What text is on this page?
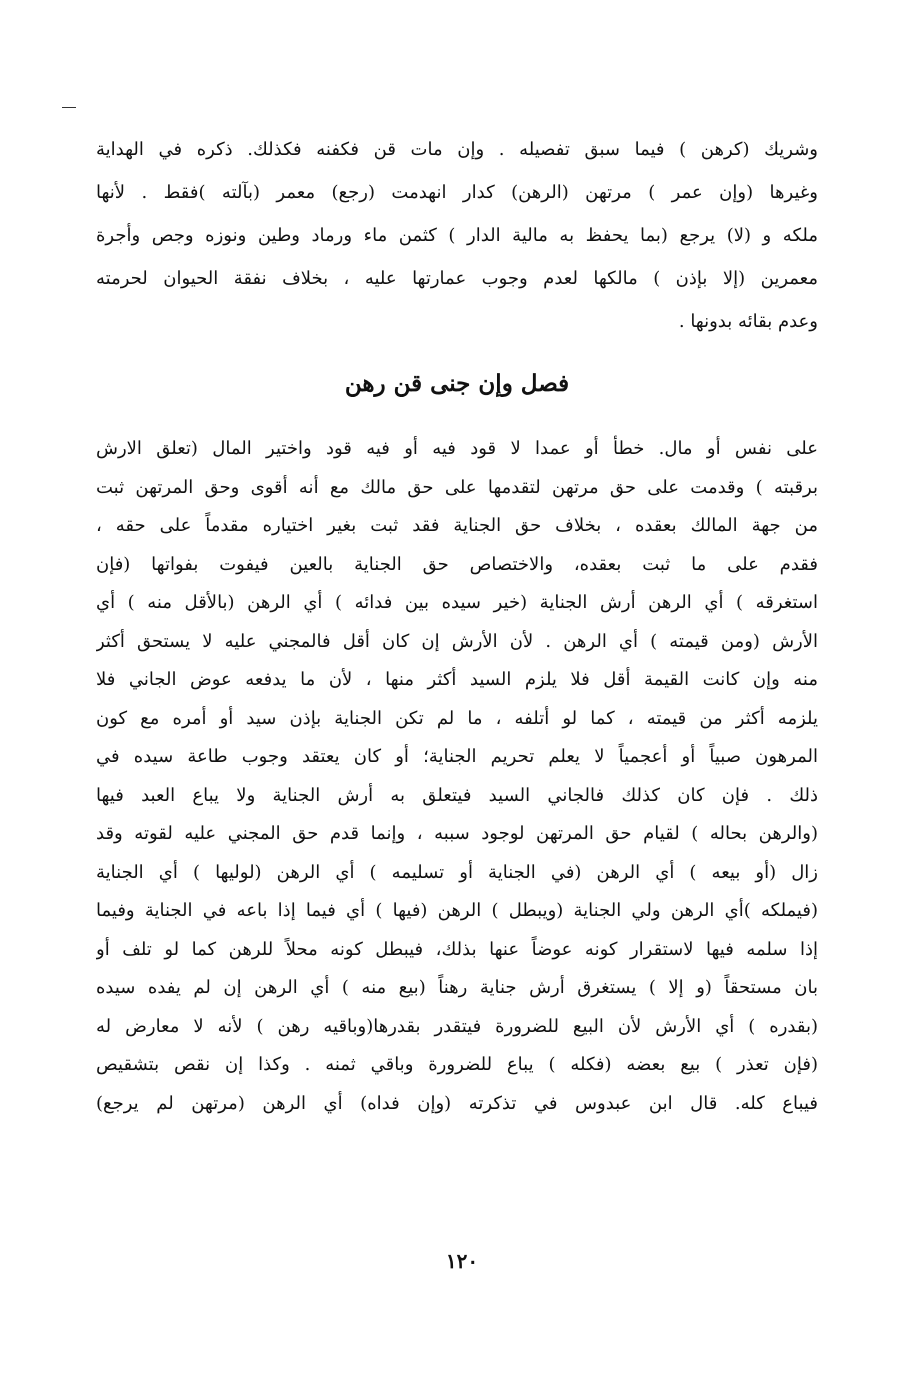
وشريك (كرهن ) فيما سبق تفصيله . وإن مات قن فكفنه فكذلك. ذكره في الهداية
وغيرها (وإن عمر ) مرتهن (الرهن) كدار انهدمت (رجع) معمر (بآلته )فقط . لأنها
ملكه و (لا) يرجع (بما يحفظ به مالية الدار ) كثمن ماء ورماد وطين ونوزه وجص وأجرة
معمرين (إلا بإذن ) مالكها لعدم وجوب عمارتها عليه ، بخلاف نفقة الحيوان لحرمته
وعدم بقائه بدونها .
فصل وإن جنى قن رهن
على نفس أو مال. خطأ أو عمدا لا قود فيه أو فيه قود واختير المال (تعلق الارش
برقبته ) وقدمت على حق مرتهن لتقدمها على حق مالك مع أنه أقوى وحق المرتهن ثبت
من جهة المالك بعقده ، بخلاف حق الجناية فقد ثبت بغير اختياره مقدماً على حقه ،
فقدم على ما ثبت بعقده، والاختصاص حق الجناية بالعين فيفوت بفواتها (فإن
استغرقه ) أي الرهن أرش الجناية (خير سيده بين فدائه ) أي الرهن (بالأقل منه ) أي
الأرش (ومن قيمته ) أي الرهن . لأن الأرش إن كان أقل فالمجني عليه لا يستحق أكثر
منه وإن كانت القيمة أقل فلا يلزم السيد أكثر منها ، لأن ما يدفعه عوض الجاني فلا
يلزمه أكثر من قيمته ، كما لو أتلفه ، ما لم تكن الجناية بإذن سيد أو أمره مع كون
المرهون صبياً أو أعجمياً لا يعلم تحريم الجناية؛ أو كان يعتقد وجوب طاعة سيده في
ذلك . فإن كان كذلك فالجاني السيد فيتعلق به أرش الجناية ولا يباع العبد فيها
(والرهن بحاله ) لقيام حق المرتهن لوجود سببه ، وإنما قدم حق المجني عليه لقوته وقد
زال (أو بيعه ) أي الرهن (في الجناية أو تسليمه ) أي الرهن (لوليها ) أي الجناية
(فيملكه )أي الرهن ولي الجناية (ويبطل ) الرهن (فيها ) أي فيما إذا باعه في الجناية وفيما
إذا سلمه فيها لاستقرار كونه عوضاً عنها بذلك، فيبطل كونه محلاً للرهن كما لو تلف أو
بان مستحقاً (و إلا ) يستغرق أرش جناية رهناً (بيع منه ) أي الرهن إن لم يفده سيده
(بقدره ) أي الأرش لأن البيع للضرورة فيتقدر بقدرها(وباقيه رهن ) لأنه لا معارض له
(فإن تعذر ) بيع بعضه (فكله ) يباع للضرورة وباقي ثمنه . وكذا إن نقص بتشقيص
فيباع كله. قال ابن عبدوس في تذكرته (وإن فداه) أي الرهن (مرتهن لم يرجع)
١٢٠
